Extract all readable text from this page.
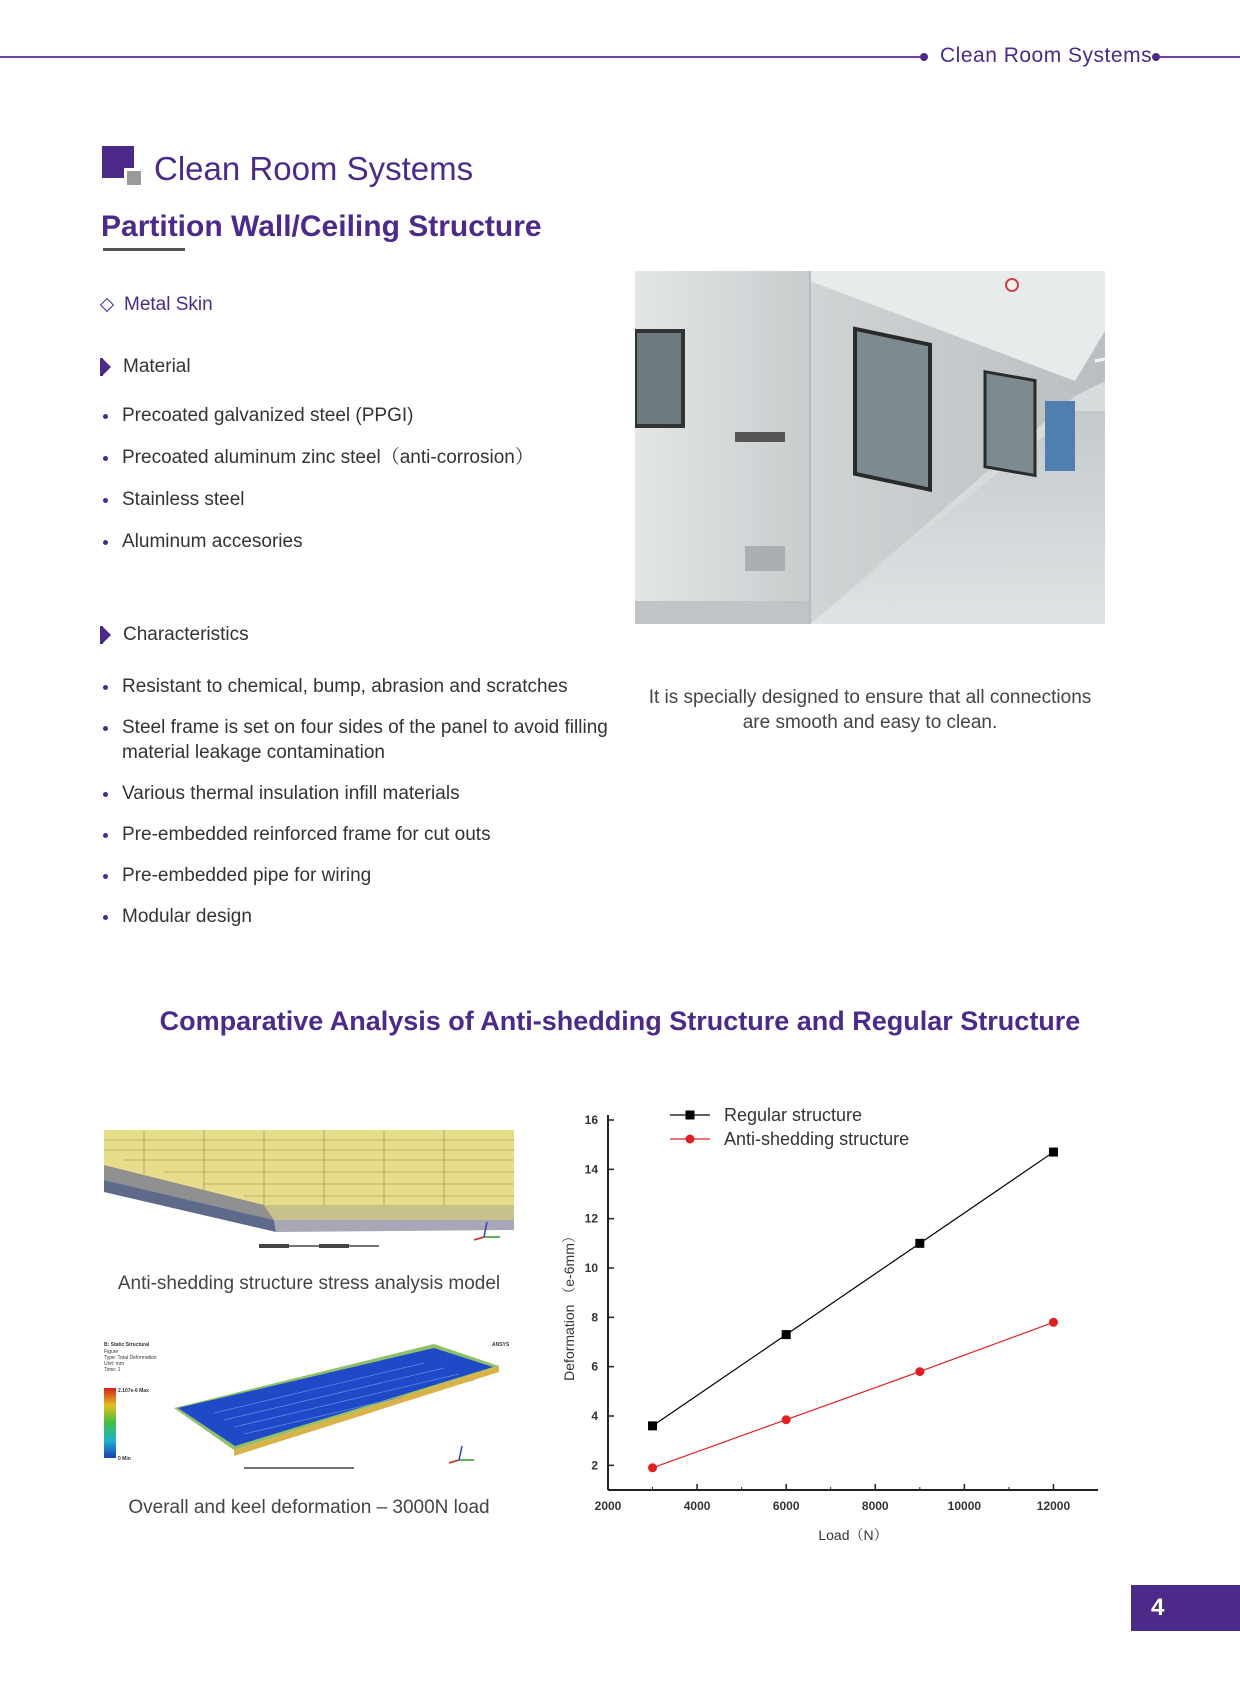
Clean Room Systems
Clean Room Systems
Partition Wall/Ceiling Structure
Metal Skin
Material
Precoated galvanized steel (PPGI)
Precoated aluminum zinc steel（anti-corrosion）
Stainless steel
Aluminum accesories
Characteristics
Resistant to chemical, bump, abrasion and scratches
Steel frame is set on four sides of the panel to avoid filling material leakage contamination
Various thermal insulation infill materials
Pre-embedded reinforced frame for cut outs
Pre-embedded pipe for wiring
Modular design
It is specially designed to ensure that all connections are smooth and easy to clean.
Comparative Analysis of Anti-shedding Structure and Regular Structure
Anti-shedding structure stress analysis model
B: Static Structural
Figure
Type: Total Deformation
Unit: mm
Time: 1
2.107e-6 Max
0 Min
ANSYS
Overall and keel deformation – 3000N load
2
4
6
8
10
12
14
16
2000	4000	6000	8000	10000	12000
Load（N）
Deformation （e-6mm）
Regular structure
Anti-shedding structure
4
